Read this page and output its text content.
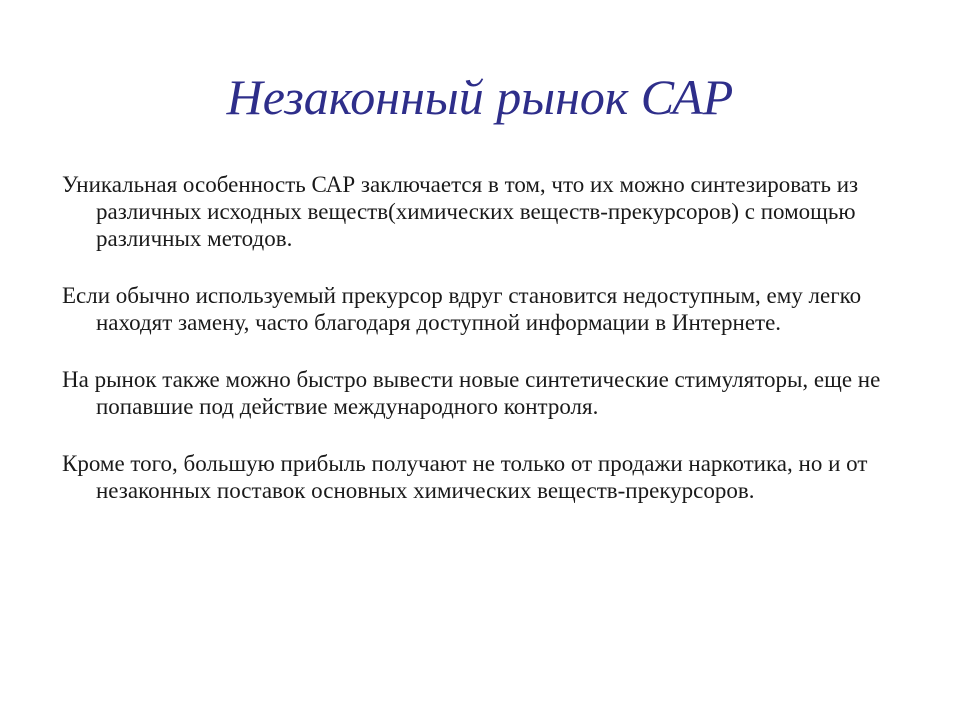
Незаконный рынок САР
Уникальная особенность САР заключается в том, что их можно синтезировать из различных исходных веществ(химических веществ-прекурсоров) с помощью различных методов.
Если обычно используемый прекурсор вдруг становится недоступным, ему легко находят замену, часто благодаря доступной информации в Интернете.
На рынок также можно быстро вывести новые синтетические стимуляторы, еще не попавшие под действие международного контроля.
Кроме того, большую прибыль получают не только от продажи наркотика, но и от незаконных поставок основных химических веществ-прекурсоров.
